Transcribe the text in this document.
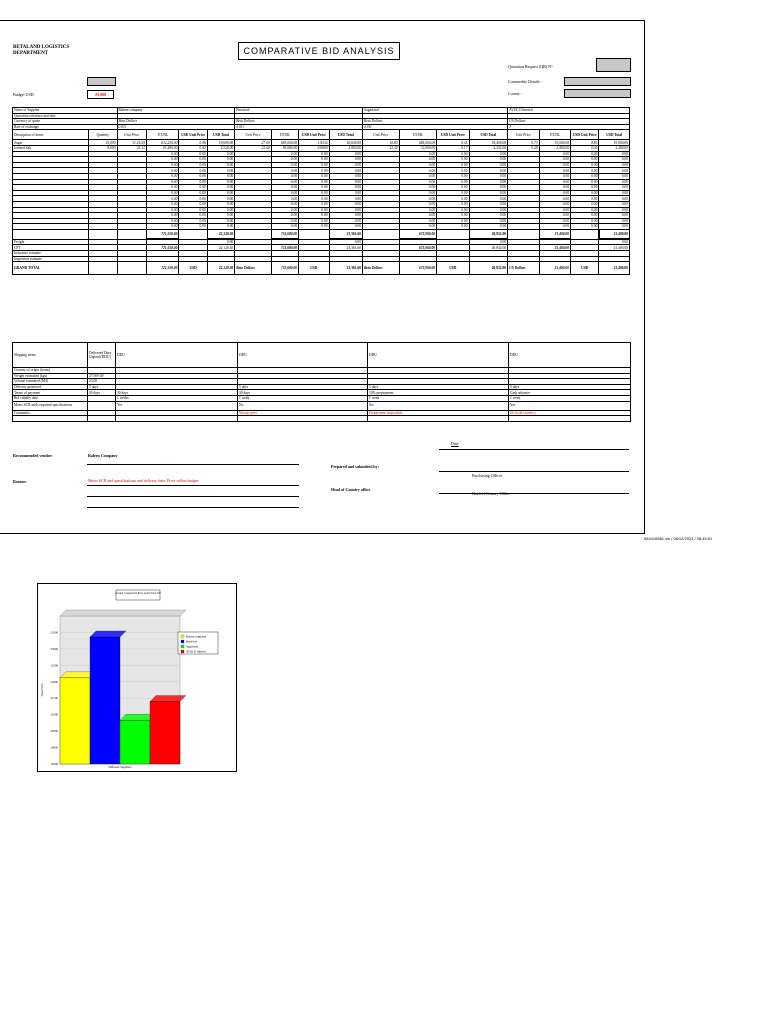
BETALAND LOGISTICS
DEPARTMENT	COMPARATIVE BID ANALYSIS
Quotation Request (QR) N°:
Commodity Details :
County :
Budget USD:	25,000
Name of Supplier		Raleen company				Betafood				Sugarland				AVOCO limited			
Quotation reference and date																	
Currency of quote		Beta Dollars				Beta Dollars				Beta Dollars				US Dollars			
Rate of exchange		0.011				0.011				0.011				1			
Description of items	Quantity	Unit Price	TOTAL	USD Unit Price	USD Total	Unit Price	TOTAL	USD Unit Price	USD Total	Unit Price	TOTAL	USD Unit Price	USD Total	Unit Price	TOTAL	USD Unit Price	USD Total
Sugar	25,000	31.41/25	632,254.00	0.96	19,600.00	27.00	683,000.00	1.8234	20,840.00	16.80	685,000.00	0.41	18,400.00	0.73	19,000.00	0.83	19,000.00
Iodized Salt	8,000	21.11	91,496.00	0.82	2,520.00	23.60	95,680.00	0.8000	2,903.00	12.30	72,000.00	0.17	2,232.00	0.28	2,400.00	0.30	2,400.00
			0.00	0.00	0.00		0.00	0.00	0.00		0.00	0.00	0.00		0.00	0.00	0.00
			0.00	0.00	0.00		0.00	0.00	0.00		0.00	0.00	0.00		0.00	0.00	0.00
			0.00	0.00	0.00		0.00	0.00	0.00		0.00	0.00	0.00		0.00	0.00	0.00
			0.00	0.00	0.00		0.00	0.00	0.00		0.00	0.00	0.00		0.00	0.00	0.00
			0.00	0.00	0.00		0.00	0.00	0.00		0.00	0.00	0.00		0.00	0.00	0.00
			0.00	0.00	0.00		0.00	0.00	0.00		0.00	0.00	0.00		0.00	0.00	0.00
			0.00	0.00	0.00		0.00	0.00	0.00		0.00	0.00	0.00		0.00	0.00	0.00
			0.00	0.00	0.00		0.00	0.00	0.00		0.00	0.00	0.00		0.00	0.00	0.00
			0.00	0.00	0.00		0.00	0.00	0.00		0.00	0.00	0.00		0.00	0.00	0.00
			0.00	0.00	0.00		0.00	0.00	0.00		0.00	0.00	0.00		0.00	0.00	0.00
			0.00	0.00	0.00		0.00	0.00	0.00		0.00	0.00	0.00		0.00	0.00	0.00
			0.00	0.00	0.00		0.00	0.00	0.00		0.00	0.00	0.00		0.00	0.00	0.00
			0.00	0.00	0.00		0.00	0.00	0.00		0.00	0.00	0.00		0.00	0.00	0.00
			0.00	0.00	0.00		0.00	0.00	0.00		0.00	0.00	0.00		0.00	0.00	0.00
			721,558.00		22,120.30		753,680.00		23,361.60		672,000.00		20,832.00		21,400.00		21,400.00
Freight					0.00				0.00				0.00				0.00
CPT			721,558.00		22,120.30		753,680.00		23,361.60		672,000.00		20,832.00		21,400.00		21,400.00
Insurance estimate																	
Inspection estimate																	
GRAND TOTAL			721,558.00	USD	22,120.30	Beta Dollars	753,680.00	USD	23,361.60	Beta Dollars	672,000.00	USD	20,832.00	US Dollars	21,400.00	USD	21,400.00
Shipping terms	Delivered Duty Unpaid (DDU)	DDU	DDU	DDU	DDU
Country of origin (items)					
Weight estimated (kgs)	27,000.00				
Volume estimated (M3)	23.00				
Delivery promised	5 days		5 days	5 days	5 days
Terms of payment	30 days	30 days	30 days	10% prepayment	Cash advance
Bid validity date		1 weeks	1 week	1 week	1 week
Meets SCR and's required specifications		Yes	No	No	Yes
Comments:			Wrong specs	Prepayment impossible	No local currency

Recommended vendor:	Raleen Company
Reason:	Meets SCR and specifications and delivery time. Price within budget
Prepared and submitted by:
Head of Country office
Date
Purchasing Officer
Head of Country Office
684416581.xls / 08/12/2023 / 08:45:51
19500
20000
20500
21000
21500
22000
22500
23000
23500
Ground Comparative Price Grand Total CIF
Different Suppliers
Total Price
Raleen company
Betafood
Sugarland
AVOCO limited
